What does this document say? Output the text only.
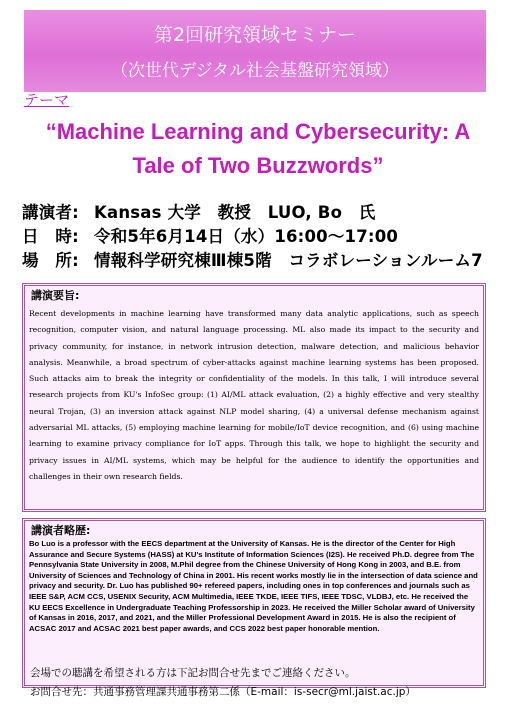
第2回研究領域セミナー
（次世代デジタル社会基盤研究領域）
テーマ
“Machine Learning and Cybersecurity: A
Tale of Two Buzzwords”
講演者: Kansas 大学　教授　LUO, Bo　氏
日　時: 令和5年6月14日（水）16:00～17:00
場　所: 情報科学研究棟Ⅲ棟5階　コラボレーションルーム7
講演要旨:

Recent developments in machine learning have transformed many data analytic applications, such as speech recognition, computer vision, and natural language processing. ML also made its impact to the security and privacy community, for instance, in network intrusion detection, malware detection, and malicious behavior analysis. Meanwhile, a broad spectrum of cyber-attacks against machine learning systems has been proposed. Such attacks aim to break the integrity or confidentiality of the models. In this talk, I will introduce several research projects from KU's InfoSec group: (1) AI/ML attack evaluation, (2) a highly effective and very stealthy neural Trojan, (3) an inversion attack against NLP model sharing, (4) a universal defense mechanism against adversarial ML attacks, (5) employing machine learning for mobile/IoT device recognition, and (6) using machine learning to examine privacy compliance for IoT apps. Through this talk, we hope to highlight the security and privacy issues in AI/ML systems, which may be helpful for the audience to identify the opportunities and challenges in their own research fields.

講演者略歴:

Bo Luo is a professor with the EECS department at the University of Kansas. He is the director of the Center for High Assurance and Secure Systems (HASS) at KU's Institute of Information Sciences (I2S). He received Ph.D. degree from The Pennsylvania State University in 2008, M.Phil degree from the Chinese University of Hong Kong in 2003, and B.E. from University of Sciences and Technology of China in 2001. His recent works mostly lie in the intersection of data science and privacy and security. Dr. Luo has published 90+ refereed papers, including ones in top conferences and journals such as IEEE S&P, ACM CCS, USENIX Security, ACM Multimedia, IEEE TKDE, IEEE TIFS, IEEE TDSC, VLDBJ, etc. He received the KU EECS Excellence in Undergraduate Teaching Professorship in 2023. He received the Miller Scholar award of University of Kansas in 2016, 2017, and 2021, and the Miller Professional Development Award in 2015. He is also the recipient of ACSAC 2017 and ACSAC 2021 best paper awards, and CCS 2022 best paper honorable mention.

会場での聴講を希望される方は下記お問合せ先までご連絡ください。
お問合せ先：共通事務管理課共通事務第二係（E-mail：is-secr@ml.jaist.ac.jp）
